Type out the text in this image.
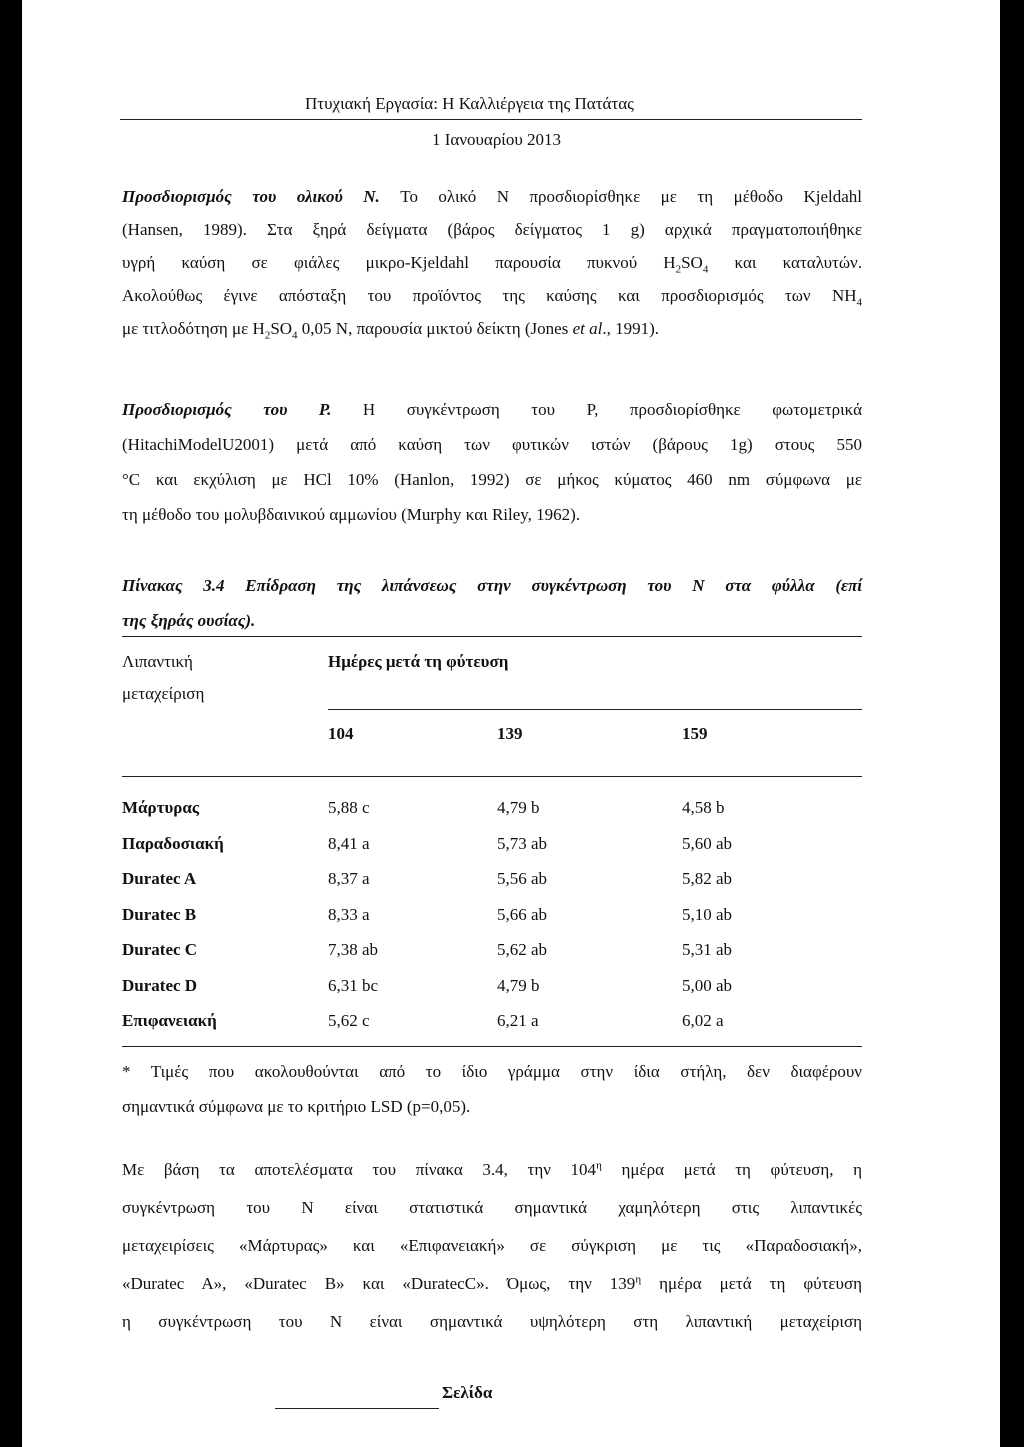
Πτυχιακή Εργασία: Η Καλλιέργεια της Πατάτας
1 Ιανουαρίου 2013
Προσδιορισμός του ολικού N. Το ολικό N προσδιορίσθηκε με τη μέθοδο Kjeldahl
(Hansen, 1989). Στα ξηρά δείγματα (βάρος δείγματος 1 g) αρχικά πραγματοποιήθηκε
υγρή καύση σε φιάλες μικρο-Kjeldahl παρουσία πυκνού $H_2SO_4$ και καταλυτών.
Ακολούθως έγινε απόσταξη του προϊόντος της καύσης και προσδιορισμός των $NH_4$
με τιτλοδότηση με $H_2SO_4$ 0,05 N, παρουσία μικτού δείκτη (Jones et al., 1991).
Προσδιορισμός του P. Η συγκέντρωση του P, προσδιορίσθηκε φωτομετρικά
(HitachiModelU2001) μετά από καύση των φυτικών ιστών (βάρους 1g) στους 550
°C και εκχύλιση με HCl 10% (Hanlon, 1992) σε μήκος κύματος 460 nm σύμφωνα με
τη μέθοδο του μολυβδαινικού αμμωνίου (Murphy και Riley, 1962).
Πίνακας 3.4 Επίδραση της λιπάνσεως στην συγκέντρωση του N στα φύλλα (επί
της ξηράς ουσίας).
Λιπαντική
μεταχείριση
Ημέρες μετά τη φύτευση
104	139	159
Μάρτυρας	5,88 c	4,79 b	4,58 b
Παραδοσιακή	8,41 a	5,73 ab	5,60 ab
Duratec A	8,37 a	5,56 ab	5,82 ab
Duratec B	8,33 a	5,66 ab	5,10 ab
Duratec C	7,38 ab	5,62 ab	5,31 ab
Duratec D	6,31 bc	4,79 b	5,00 ab
Επιφανειακή	5,62 c	6,21 a	6,02 a
* Τιμές που ακολουθούνται από το ίδιο γράμμα στην ίδια στήλη, δεν διαφέρουν
σημαντικά σύμφωνα με το κριτήριο LSD (p=0,05).
Με βάση τα αποτελέσματα του πίνακα 3.4, την $104^\eta$ ημέρα μετά τη φύτευση, η
συγκέντρωση του N είναι στατιστικά σημαντικά χαμηλότερη στις λιπαντικές
μεταχειρίσεις «Μάρτυρας» και «Επιφανειακή» σε σύγκριση με τις «Παραδοσιακή»,
«Duratec A», «Duratec B» και «DuratecC». Όμως, την $139^\eta$ ημέρα μετά τη φύτευση
η συγκέντρωση του N είναι σημαντικά υψηλότερη στη λιπαντική μεταχείριση
Σελίδα
